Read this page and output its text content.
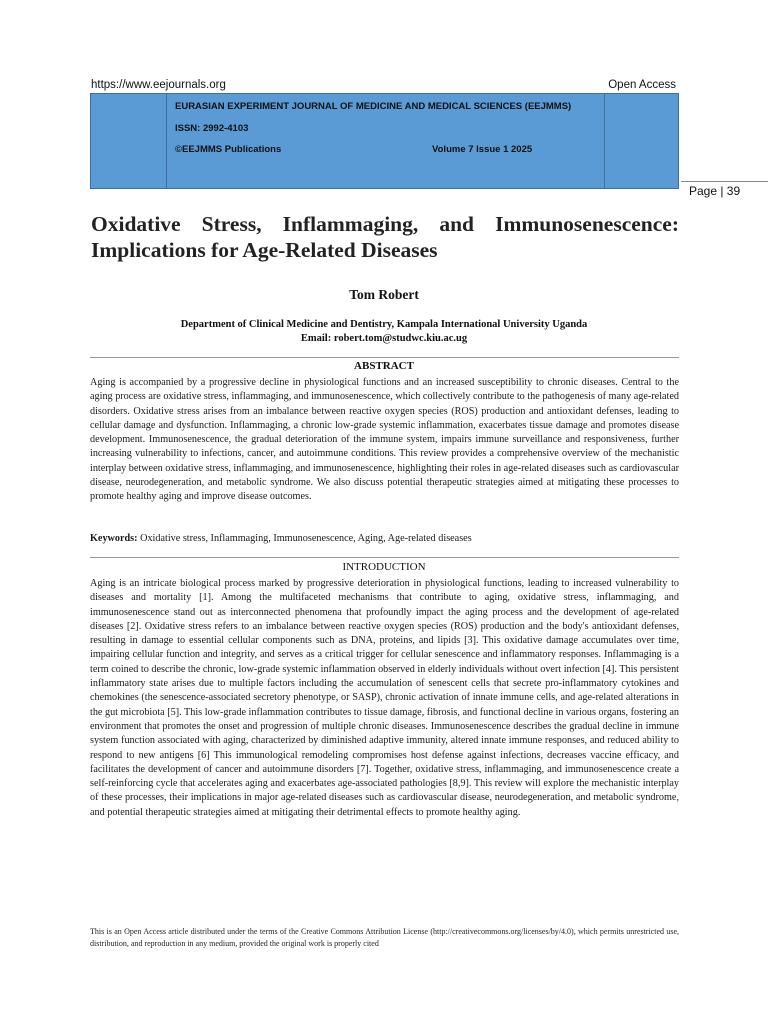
https://www.eejournals.org	Open Access
EURASIAN EXPERIMENT JOURNAL OF MEDICINE AND MEDICAL SCIENCES (EEJMMS)
ISSN: 2992-4103
©EEJMMS Publications	Volume 7 Issue 1 2025
Page | 39
Oxidative Stress, Inflammaging, and Immunosenescence: Implications for Age-Related Diseases
Tom Robert
Department of Clinical Medicine and Dentistry, Kampala International University Uganda
Email: robert.tom@studwc.kiu.ac.ug
ABSTRACT

Aging is accompanied by a progressive decline in physiological functions and an increased susceptibility to chronic diseases. Central to the aging process are oxidative stress, inflammaging, and immunosenescence, which collectively contribute to the pathogenesis of many age-related disorders. Oxidative stress arises from an imbalance between reactive oxygen species (ROS) production and antioxidant defenses, leading to cellular damage and dysfunction. Inflammaging, a chronic low-grade systemic inflammation, exacerbates tissue damage and promotes disease development. Immunosenescence, the gradual deterioration of the immune system, impairs immune surveillance and responsiveness, further increasing vulnerability to infections, cancer, and autoimmune conditions. This review provides a comprehensive overview of the mechanistic interplay between oxidative stress, inflammaging, and immunosenescence, highlighting their roles in age-related diseases such as cardiovascular disease, neurodegeneration, and metabolic syndrome. We also discuss potential therapeutic strategies aimed at mitigating these processes to promote healthy aging and improve disease outcomes.

Keywords: Oxidative stress, Inflammaging, Immunosenescence, Aging, Age-related diseases
INTRODUCTION

Aging is an intricate biological process marked by progressive deterioration in physiological functions, leading to increased vulnerability to diseases and mortality [1]. Among the multifaceted mechanisms that contribute to aging, oxidative stress, inflammaging, and immunosenescence stand out as interconnected phenomena that profoundly impact the aging process and the development of age-related diseases [2]. Oxidative stress refers to an imbalance between reactive oxygen species (ROS) production and the body's antioxidant defenses, resulting in damage to essential cellular components such as DNA, proteins, and lipids [3]. This oxidative damage accumulates over time, impairing cellular function and integrity, and serves as a critical trigger for cellular senescence and inflammatory responses. Inflammaging is a term coined to describe the chronic, low-grade systemic inflammation observed in elderly individuals without overt infection [4]. This persistent inflammatory state arises due to multiple factors including the accumulation of senescent cells that secrete pro-inflammatory cytokines and chemokines (the senescence-associated secretory phenotype, or SASP), chronic activation of innate immune cells, and age-related alterations in the gut microbiota [5]. This low-grade inflammation contributes to tissue damage, fibrosis, and functional decline in various organs, fostering an environment that promotes the onset and progression of multiple chronic diseases. Immunosenescence describes the gradual decline in immune system function associated with aging, characterized by diminished adaptive immunity, altered innate immune responses, and reduced ability to respond to new antigens [6] This immunological remodeling compromises host defense against infections, decreases vaccine efficacy, and facilitates the development of cancer and autoimmune disorders [7]. Together, oxidative stress, inflammaging, and immunosenescence create a self-reinforcing cycle that accelerates aging and exacerbates age-associated pathologies [8,9]. This review will explore the mechanistic interplay of these processes, their implications in major age-related diseases such as cardiovascular disease, neurodegeneration, and metabolic syndrome, and potential therapeutic strategies aimed at mitigating their detrimental effects to promote healthy aging.

This is an Open Access article distributed under the terms of the Creative Commons Attribution License (http://creativecommons.org/licenses/by/4.0), which permits unrestricted use, distribution, and reproduction in any medium, provided the original work is properly cited
